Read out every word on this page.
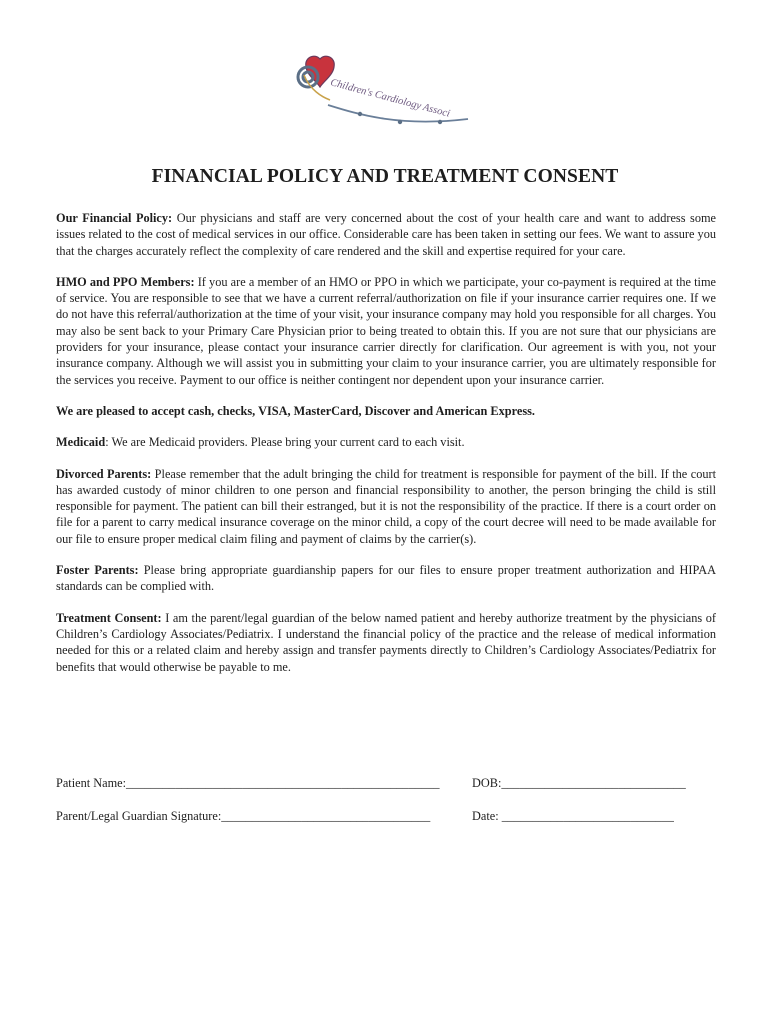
Children's Cardiology Associ
FINANCIAL POLICY AND TREATMENT CONSENT

Our Financial Policy: Our physicians and staff are very concerned about the cost of your health care and want to address some issues related to the cost of medical services in our office. Considerable care has been taken in setting our fees. We want to assure you that the charges accurately reflect the complexity of care rendered and the skill and expertise required for your care.

HMO and PPO Members: If you are a member of an HMO or PPO in which we participate, your co-payment is required at the time of service. You are responsible to see that we have a current referral/authorization on file if your insurance carrier requires one. If we do not have this referral/authorization at the time of your visit, your insurance company may hold you responsible for all charges. You may also be sent back to your Primary Care Physician prior to being treated to obtain this. If you are not sure that our physicians are providers for your insurance, please contact your insurance carrier directly for clarification. Our agreement is with you, not your insurance company. Although we will assist you in submitting your claim to your insurance carrier, you are ultimately responsible for the services you receive. Payment to our office is neither contingent nor dependent upon your insurance carrier.

We are pleased to accept cash, checks, VISA, MasterCard, Discover and American Express.

Medicaid: We are Medicaid providers. Please bring your current card to each visit.

Divorced Parents: Please remember that the adult bringing the child for treatment is responsible for payment of the bill. If the court has awarded custody of minor children to one person and financial responsibility to another, the person bringing the child is still responsible for payment. The patient can bill their estranged, but it is not the responsibility of the practice. If there is a court order on file for a parent to carry medical insurance coverage on the minor child, a copy of the court decree will need to be made available for our file to ensure proper medical claim filing and payment of claims by the carrier(s).

Foster Parents: Please bring appropriate guardianship papers for our files to ensure proper treatment authorization and HIPAA standards can be complied with.

Treatment Consent: I am the parent/legal guardian of the below named patient and hereby authorize treatment by the physicians of Children’s Cardiology Associates/Pediatrix. I understand the financial policy of the practice and the release of medical information needed for this or a related claim and hereby assign and transfer payments directly to Children’s Cardiology Associates/Pediatrix for benefits that would otherwise be payable to me.

Patient Name:___________________________________________________	DOB:______________________________
Parent/Legal Guardian Signature:__________________________________	Date: ____________________________
